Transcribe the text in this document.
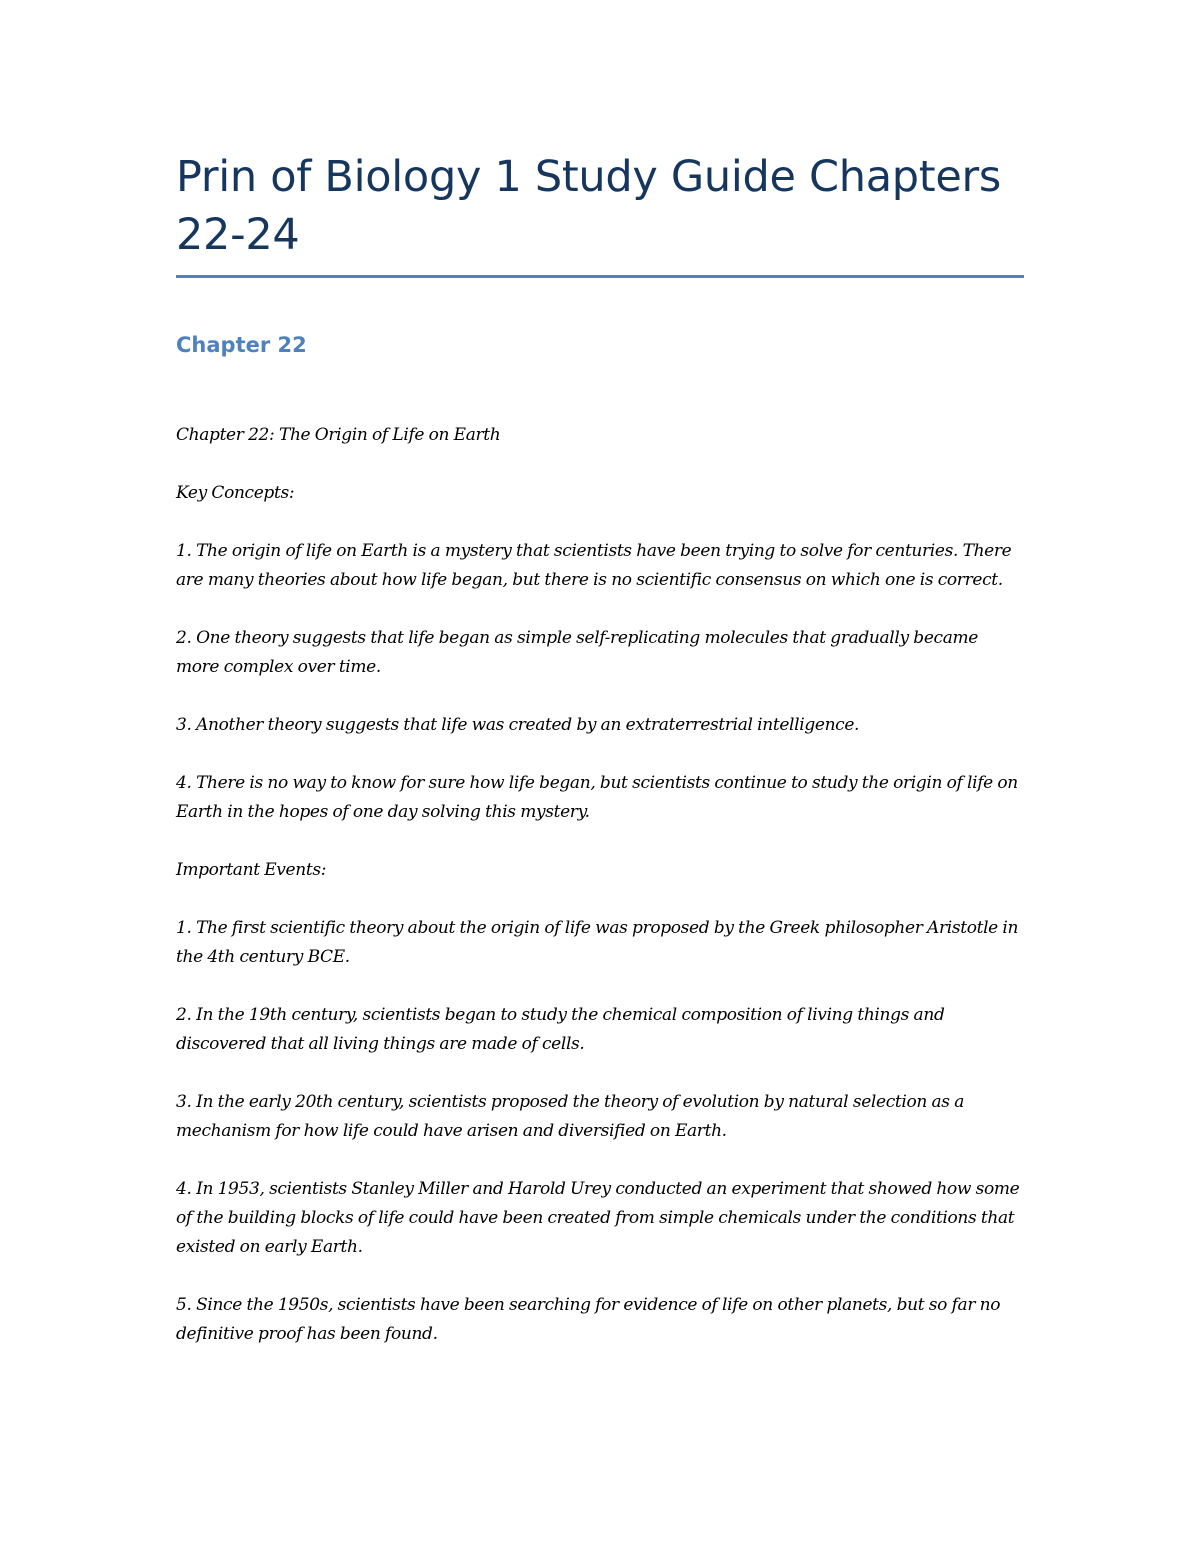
Prin of Biology 1 Study Guide Chapters 22-24
Chapter 22

Chapter 22: The Origin of Life on Earth

Key Concepts:

1. The origin of life on Earth is a mystery that scientists have been trying to solve for centuries. There are many theories about how life began, but there is no scientific consensus on which one is correct.

2. One theory suggests that life began as simple self-replicating molecules that gradually became more complex over time.

3. Another theory suggests that life was created by an extraterrestrial intelligence.

4. There is no way to know for sure how life began, but scientists continue to study the origin of life on Earth in the hopes of one day solving this mystery.

Important Events:

1. The first scientific theory about the origin of life was proposed by the Greek philosopher Aristotle in the 4th century BCE.

2. In the 19th century, scientists began to study the chemical composition of living things and discovered that all living things are made of cells.

3. In the early 20th century, scientists proposed the theory of evolution by natural selection as a mechanism for how life could have arisen and diversified on Earth.

4. In 1953, scientists Stanley Miller and Harold Urey conducted an experiment that showed how some of the building blocks of life could have been created from simple chemicals under the conditions that existed on early Earth.

5. Since the 1950s, scientists have been searching for evidence of life on other planets, but so far no definitive proof has been found.
